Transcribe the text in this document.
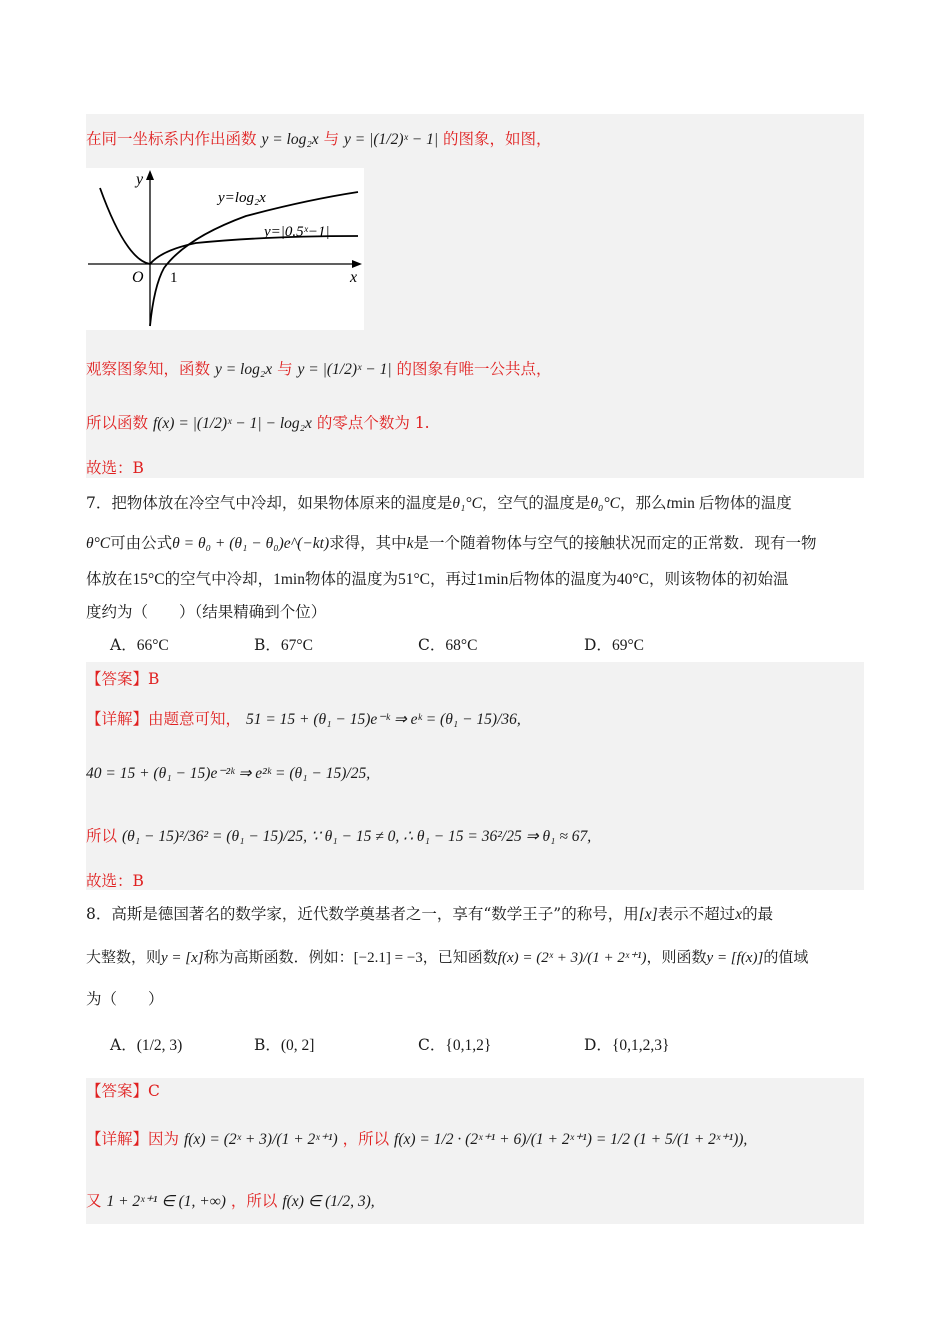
在同一坐标系内作出函数 y = log₂x 与 y = |(1/2)ˣ − 1| 的图象，如图，
y
x
O 1
y=log₂x
y=|0.5ˣ−1|
观察图象知，函数 y = log₂x 与 y = |(1/2)ˣ − 1| 的图象有唯一公共点，
所以函数 f(x) = |(1/2)ˣ − 1| − log₂x 的零点个数为 1.
故选：B
7．把物体放在冷空气中冷却，如果物体原来的温度是θ₁°C，空气的温度是θ₀°C，那么tmin 后物体的温度
θ°C可由公式θ = θ₀ + (θ₁ − θ₀)e^(−kt)求得，其中k是一个随着物体与空气的接触状况而定的正常数．现有一物
体放在15°C的空气中冷却，1min物体的温度为51°C，再过1min后物体的温度为40°C，则该物体的初始温
度约为（　　）（结果精确到个位）
A．66°C	B．67°C	C．68°C	D．69°C
【答案】B
【详解】由题意可知， 51 = 15 + (θ₁ − 15)e⁻ᵏ ⇒ eᵏ = (θ₁ − 15)/36,
40 = 15 + (θ₁ − 15)e⁻²ᵏ ⇒ e²ᵏ = (θ₁ − 15)/25,
所以 (θ₁ − 15)²/36² = (θ₁ − 15)/25, ∵ θ₁ − 15 ≠ 0, ∴ θ₁ − 15 = 36²/25 ⇒ θ₁ ≈ 67,
故选：B
8．高斯是德国著名的数学家，近代数学奠基者之一，享有“数学王子”的称号，用[x]表示不超过x的最
大整数，则y = [x]称为高斯函数．例如：[−2.1] = −3，已知函数f(x) = (2ˣ + 3)/(1 + 2ˣ⁺¹)，则函数y = [f(x)]的值域
为（　　）
A．(1/2, 3)	B．(0, 2]	C．{0,1,2}	D．{0,1,2,3}
【答案】C
【详解】因为 f(x) = (2ˣ + 3)/(1 + 2ˣ⁺¹) ，所以 f(x) = 1/2 · (2ˣ⁺¹ + 6)/(1 + 2ˣ⁺¹) = 1/2 (1 + 5/(1 + 2ˣ⁺¹)),
又 1 + 2ˣ⁺¹ ∈ (1, +∞) ，所以 f(x) ∈ (1/2, 3),
